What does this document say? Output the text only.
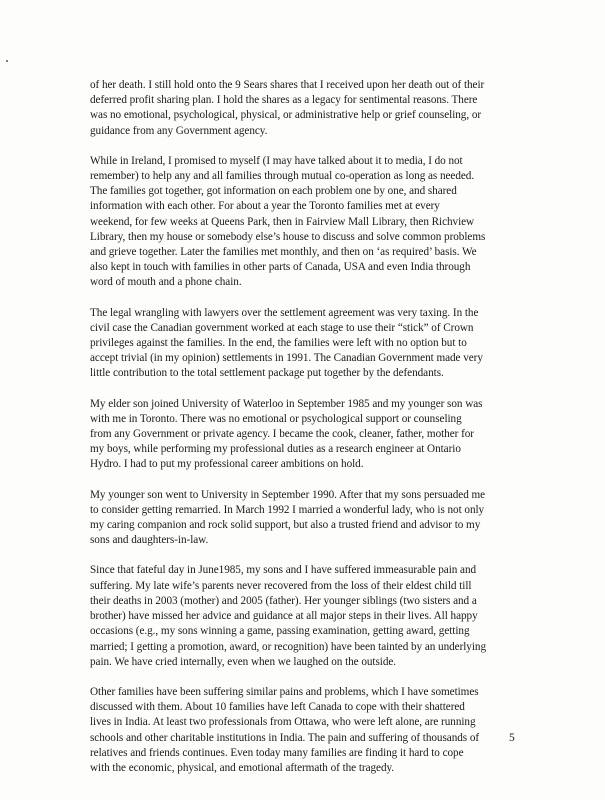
of her death. I still hold onto the 9 Sears shares that I received upon her death out of their
deferred profit sharing plan. I hold the shares as a legacy for sentimental reasons. There
was no emotional, psychological, physical, or administrative help or grief counseling, or
guidance from any Government agency.

While in Ireland, I promised to myself (I may have talked about it to media, I do not
remember) to help any and all families through mutual co-operation as long as needed.
The families got together, got information on each problem one by one, and shared
information with each other. For about a year the Toronto families met at every
weekend, for few weeks at Queens Park, then in Fairview Mall Library, then Richview
Library, then my house or somebody else’s house to discuss and solve common problems
and grieve together. Later the families met monthly, and then on ‘as required’ basis. We
also kept in touch with families in other parts of Canada, USA and even India through
word of mouth and a phone chain.

The legal wrangling with lawyers over the settlement agreement was very taxing. In the
civil case the Canadian government worked at each stage to use their “stick” of Crown
privileges against the families. In the end, the families were left with no option but to
accept trivial (in my opinion) settlements in 1991. The Canadian Government made very
little contribution to the total settlement package put together by the defendants.

My elder son joined University of Waterloo in September 1985 and my younger son was
with me in Toronto. There was no emotional or psychological support or counseling
from any Government or private agency. I became the cook, cleaner, father, mother for
my boys, while performing my professional duties as a research engineer at Ontario
Hydro. I had to put my professional career ambitions on hold.

My younger son went to University in September 1990. After that my sons persuaded me
to consider getting remarried. In March 1992 I married a wonderful lady, who is not only
my caring companion and rock solid support, but also a trusted friend and advisor to my
sons and daughters-in-law.

Since that fateful day in June1985, my sons and I have suffered immeasurable pain and
suffering. My late wife’s parents never recovered from the loss of their eldest child till
their deaths in 2003 (mother) and 2005 (father). Her younger siblings (two sisters and a
brother) have missed her advice and guidance at all major steps in their lives. All happy
occasions (e.g., my sons winning a game, passing examination, getting award, getting
married; I getting a promotion, award, or recognition) have been tainted by an underlying
pain. We have cried internally, even when we laughed on the outside.

Other families have been suffering similar pains and problems, which I have sometimes
discussed with them. About 10 families have left Canada to cope with their shattered
lives in India. At least two professionals from Ottawa, who were left alone, are running
schools and other charitable institutions in India. The pain and suffering of thousands of
relatives and friends continues. Even today many families are finding it hard to cope
with the economic, physical, and emotional aftermath of the tragedy.

5
